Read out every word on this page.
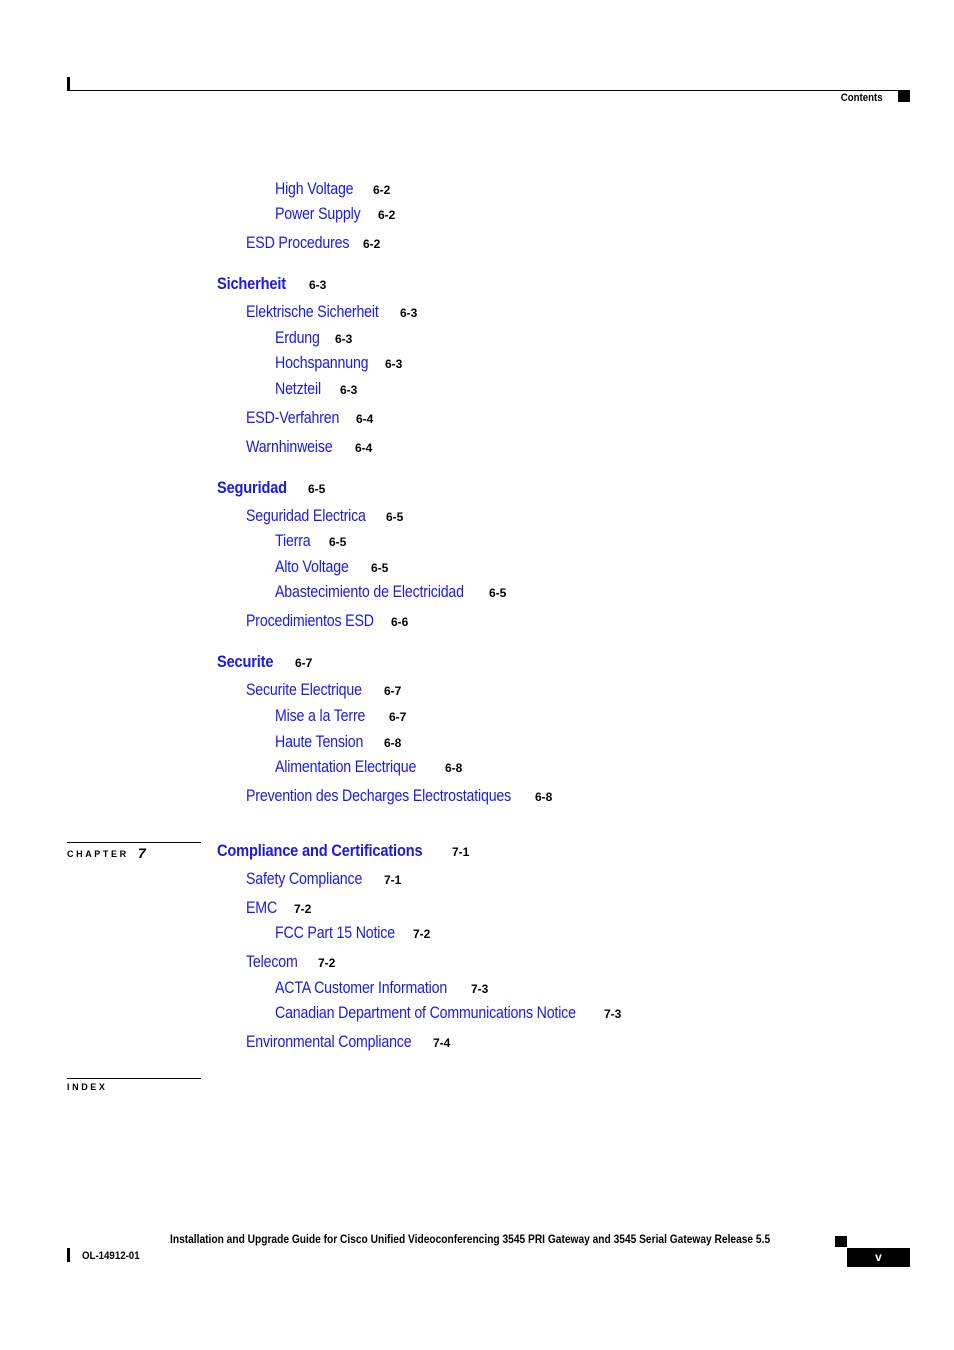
Contents
High Voltage	6-2
Power Supply 6-2
ESD Procedures 6-2
Sicherheit	6-3
Elektrische Sicherheit 6-3
Erdung	6-3
Hochspannung 6-3
Netzteil	6-3
ESD-Verfahren 6-4
Warnhinweise	6-4
Seguridad	6-5
Seguridad Electrica 6-5
Tierra	6-5
Alto Voltage	6-5
Abastecimiento de Electricidad 6-5
Procedimientos ESD 6-6
Securite	6-7
Securite Electrique 6-7
Mise a la Terre	6-7
Haute Tension	6-8
Alimentation Electrique	6-8
Prevention des Decharges Electrostatiques 6-8
CHAPTER 7	Compliance and Certifications 7-1
Safety Compliance 7-1
EMC	7-2
FCC Part 15 Notice 7-2
Telecom	7-2
ACTA Customer Information 7-3
Canadian Department of Communications Notice 7-3
Environmental Compliance 7-4
INDEX
Installation and Upgrade Guide for Cisco Unified Videoconferencing 3545 PRI Gateway and 3545 Serial Gateway Release 5.5
OL-14912-01	v
